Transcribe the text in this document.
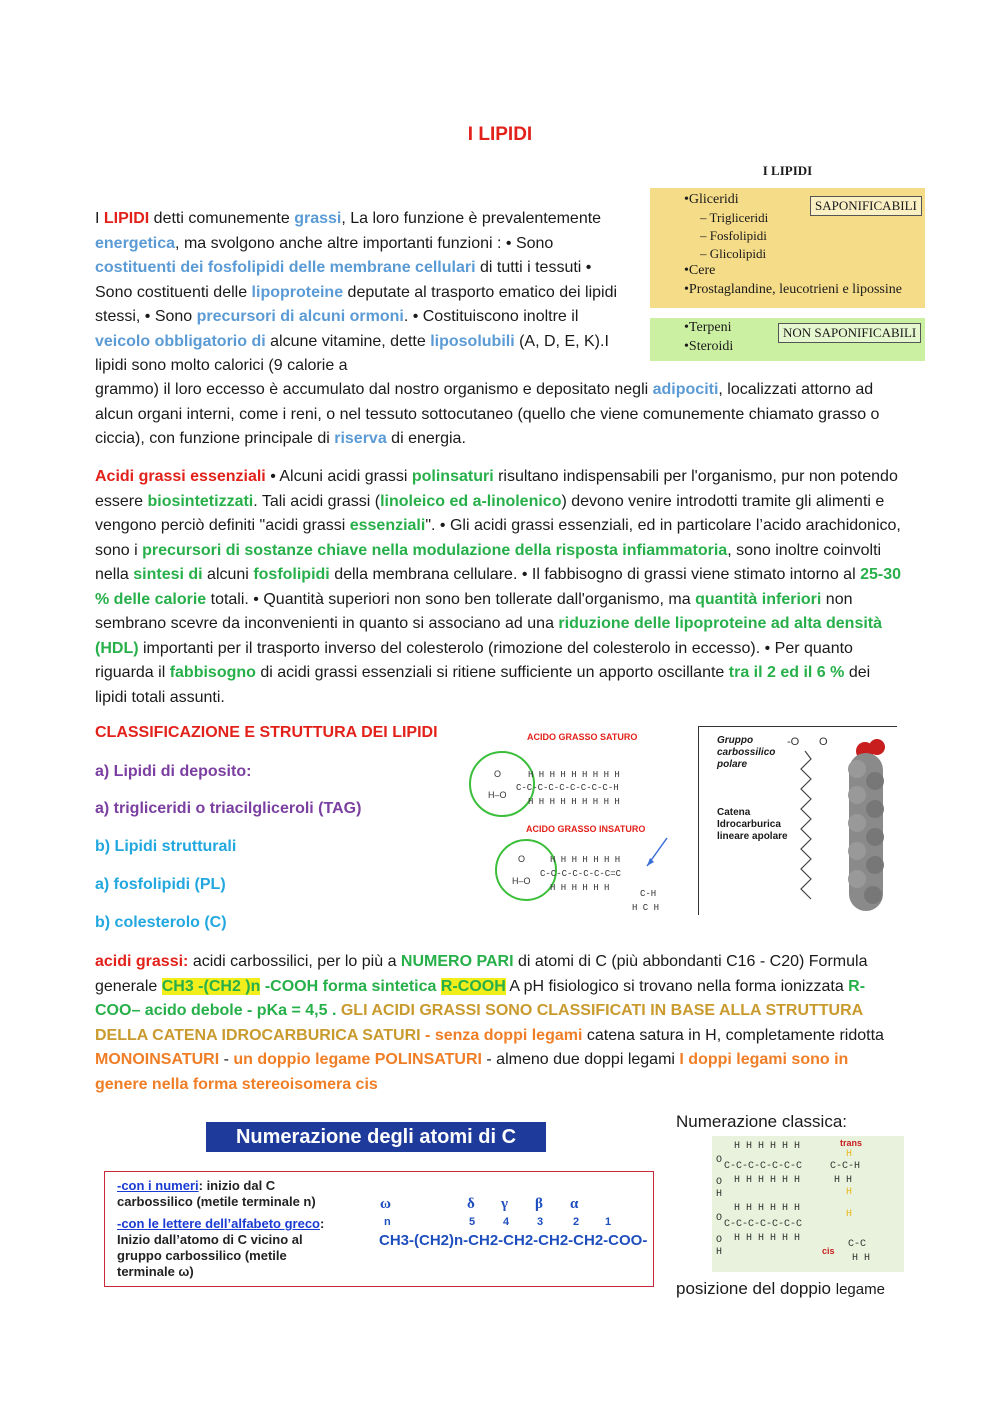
I LIPIDI
I LIPIDI
•Gliceridi
– Trigliceridi
– Fosfolipidi
– Glicolipidi
•Cere
•Prostaglandine, leucotrieni e lipossine
SAPONIFICABILI
•Terpeni
•Steroidi
NON SAPONIFICABILI
I LIPIDI detti comunemente grassi, La loro funzione è prevalentemente energetica, ma svolgono anche altre importanti funzioni : • Sono costituenti dei fosfolipidi delle membrane cellulari di tutti i tessuti • Sono costituenti delle lipoproteine deputate al trasporto ematico dei lipidi stessi, • Sono precursori di alcuni ormoni. • Costituiscono inoltre il veicolo obbligatorio di alcune vitamine, dette liposolubili (A, D, E, K).I lipidi sono molto calorici (9 calorie a
grammo) il loro eccesso è accumulato dal nostro organismo e depositato negli adipociti, localizzati attorno ad alcun organi interni, come i reni, o nel tessuto sottocutaneo (quello che viene comunemente chiamato grasso o ciccia), con funzione principale di riserva di energia.
Acidi grassi essenziali • Alcuni acidi grassi polinsaturi risultano indispensabili per l'organismo, pur non potendo essere biosintetizzati. Tali acidi grassi (linoleico ed a-linolenico) devono venire introdotti tramite gli alimenti e vengono perciò definiti "acidi grassi essenziali". • Gli acidi grassi essenziali, ed in particolare l’acido arachidonico, sono i precursori di sostanze chiave nella modulazione della risposta infiammatoria, sono inoltre coinvolti nella sintesi di alcuni fosfolipidi della membrana cellulare. • Il fabbisogno di grassi viene stimato intorno al 25-30 % delle calorie totali. • Quantità superiori non sono ben tollerate dall'organismo, ma quantità inferiori non sembrano scevre da inconvenienti in quanto si associano ad una riduzione delle lipoproteine ad alta densità (HDL) importanti per il trasporto inverso del colesterolo (rimozione del colesterolo in eccesso). • Per quanto riguarda il fabbisogno di acidi grassi essenziali si ritiene sufficiente un apporto oscillante tra il 2 ed il 6 % dei lipidi totali assunti.
CLASSIFICAZIONE E STRUTTURA DEI LIPIDI
a) Lipidi di deposito:
a) trigliceridi o triacilgliceroli (TAG)
b) Lipidi strutturali
a) fosfolipidi (PL)
b) colesterolo (C)
ACIDO GRASSO SATURO
O
H–O
C-C-C-C-C-C-C-C-C-H
H H H H H H H H H
H H H H H H H H H
ACIDO GRASSO INSATURO
O
H–O
C-C-C-C-C-C-C=C
H H H H H H H
H H H H H H
C-H
H C H
Gruppo carbossilico polare
Catena Idrocarburica lineare apolare
-O O
acidi grassi: acidi carbossilici, per lo più a NUMERO PARI di atomi di C (più abbondanti C16 - C20) Formula generale CH3 -(CH2 )n -COOH forma sintetica R-COOH A pH fisiologico si trovano nella forma ionizzata R-COO– acido debole - pKa = 4,5 . GLI ACIDI GRASSI SONO CLASSIFICATI IN BASE ALLA STRUTTURA DELLA CATENA IDROCARBURICA SATURI - senza doppi legami catena satura in H, completamente ridotta MONOINSATURI - un doppio legame POLINSATURI - almeno due doppi legami I doppi legami sono in genere nella forma stereoisomera cis
Numerazione degli atomi di C
-con i numeri: inizio dal C
carbossilico (metile terminale n)
-con le lettere dell’alfabeto greco:
Inizio dall’atomo di C vicino al
gruppo carbossilico (metile
terminale ω)
ω	δ γ β α
n	5	4	3	2 1
CH3-(CH2)n-CH2-CH2-CH2-CH2-COO-
Numerazione classica:
H H H H H H
O
C-C-C-C-C-C-C
H H H H H H
O
H
H H H H H H
O
C-C-C-C-C-C-C
H H H H H H
O
H
C-C-H
H H
C-C
H H
trans
cis
H
H
H
posizione del doppio legame
